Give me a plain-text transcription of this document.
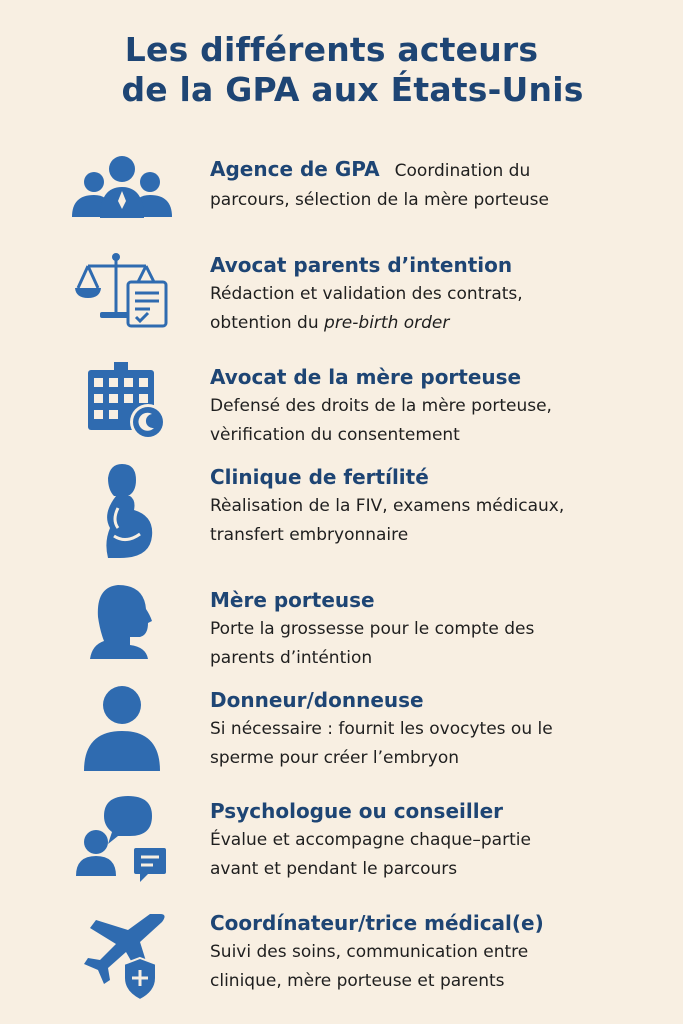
Les différents acteurs
de la GPA aux États-Unis
Agence de GPA Coordination du
parcours, sélection de la mère porteuse
Avocat parents d’intention
Rédaction et validation des contrats,
obtention du pre-birth order
Avocat de la mère porteuse
Defensé des droits de la mère porteuse,
vèrification du consentement
Clinique de fertílité
Rèalisation de la FIV, examens médicaux,
transfert embryonnaire
Mère porteuse
Porte la grossesse pour le compte des
parents d’inténtion
Donneur/donneuse
Si nécessaire : fournit les ovocytes ou le
sperme pour créer l’embryon
Psychologue ou conseiller
Évalue et accompagne chaque–partie
avant et pendant le parcours
Coordínateur/trice médical(e)
Suivi des soins, communication entre
clinique, mère porteuse et parents
